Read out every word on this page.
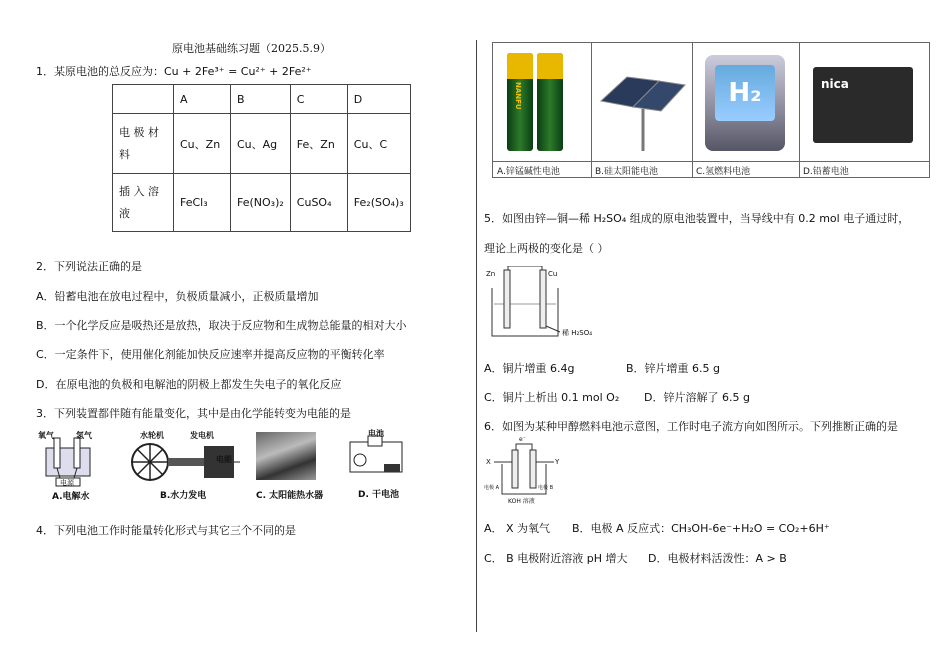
原电池基础练习题（2025.5.9）
1．某原电池的总反应为：Cu + 2Fe³⁺ = Cu²⁺ + 2Fe²⁺
	A	B	C	D
电 极 材 料	Cu、Zn	Cu、Ag	Fe、Zn	Cu、C
插 入 溶 液	FeCl₃	Fe(NO₃)₂	CuSO₄	Fe₂(SO₄)₃
2．下列说法正确的是
A．铅蓄电池在放电过程中，负极质量减小，正极质量增加
B．一个化学反应是吸热还是放热，取决于反应物和生成物总能量的相对大小
C．一定条件下，使用催化剂能加快反应速率并提高反应物的平衡转化率
D．在原电池的负极和电解池的阴极上都发生失电子的氧化反应
3．下列装置都伴随有能量变化，其中是由化学能转变为电能的是
氧气	氢气
电源
A.电解水
水轮机	发电机
电能
B.水力发电	C. 太阳能热水器
电池
D. 干电池
4．下列电池工作时能量转化形式与其它三个不同的是
NANFU	H₂	nica
A.锌锰碱性电池	B.硅太阳能电池	C.氢燃料电池	D.铅蓄电池
5．如图由锌—铜—稀 H₂SO₄ 组成的原电池装置中，当导线中有 0.2 mol 电子通过时，
理论上两极的变化是（ ）
Zn	Cu
稀 H₂SO₄
A．铜片增重 6.4g	B．锌片增重 6.5 g
C．铜片上析出 0.1 mol O₂ D．锌片溶解了 6.5 g
6．如图为某种甲醇燃料电池示意图，工作时电子流方向如图所示。下列推断正确的是
e⁻
X	Y
电极 A	电极 B
KOH 溶液
A． X 为氧气 B．电极 A 反应式：CH₃OH-6e⁻+H₂O = CO₂+6H⁺
C． B 电极附近溶液 pH 增大 D．电极材料活泼性：A > B
